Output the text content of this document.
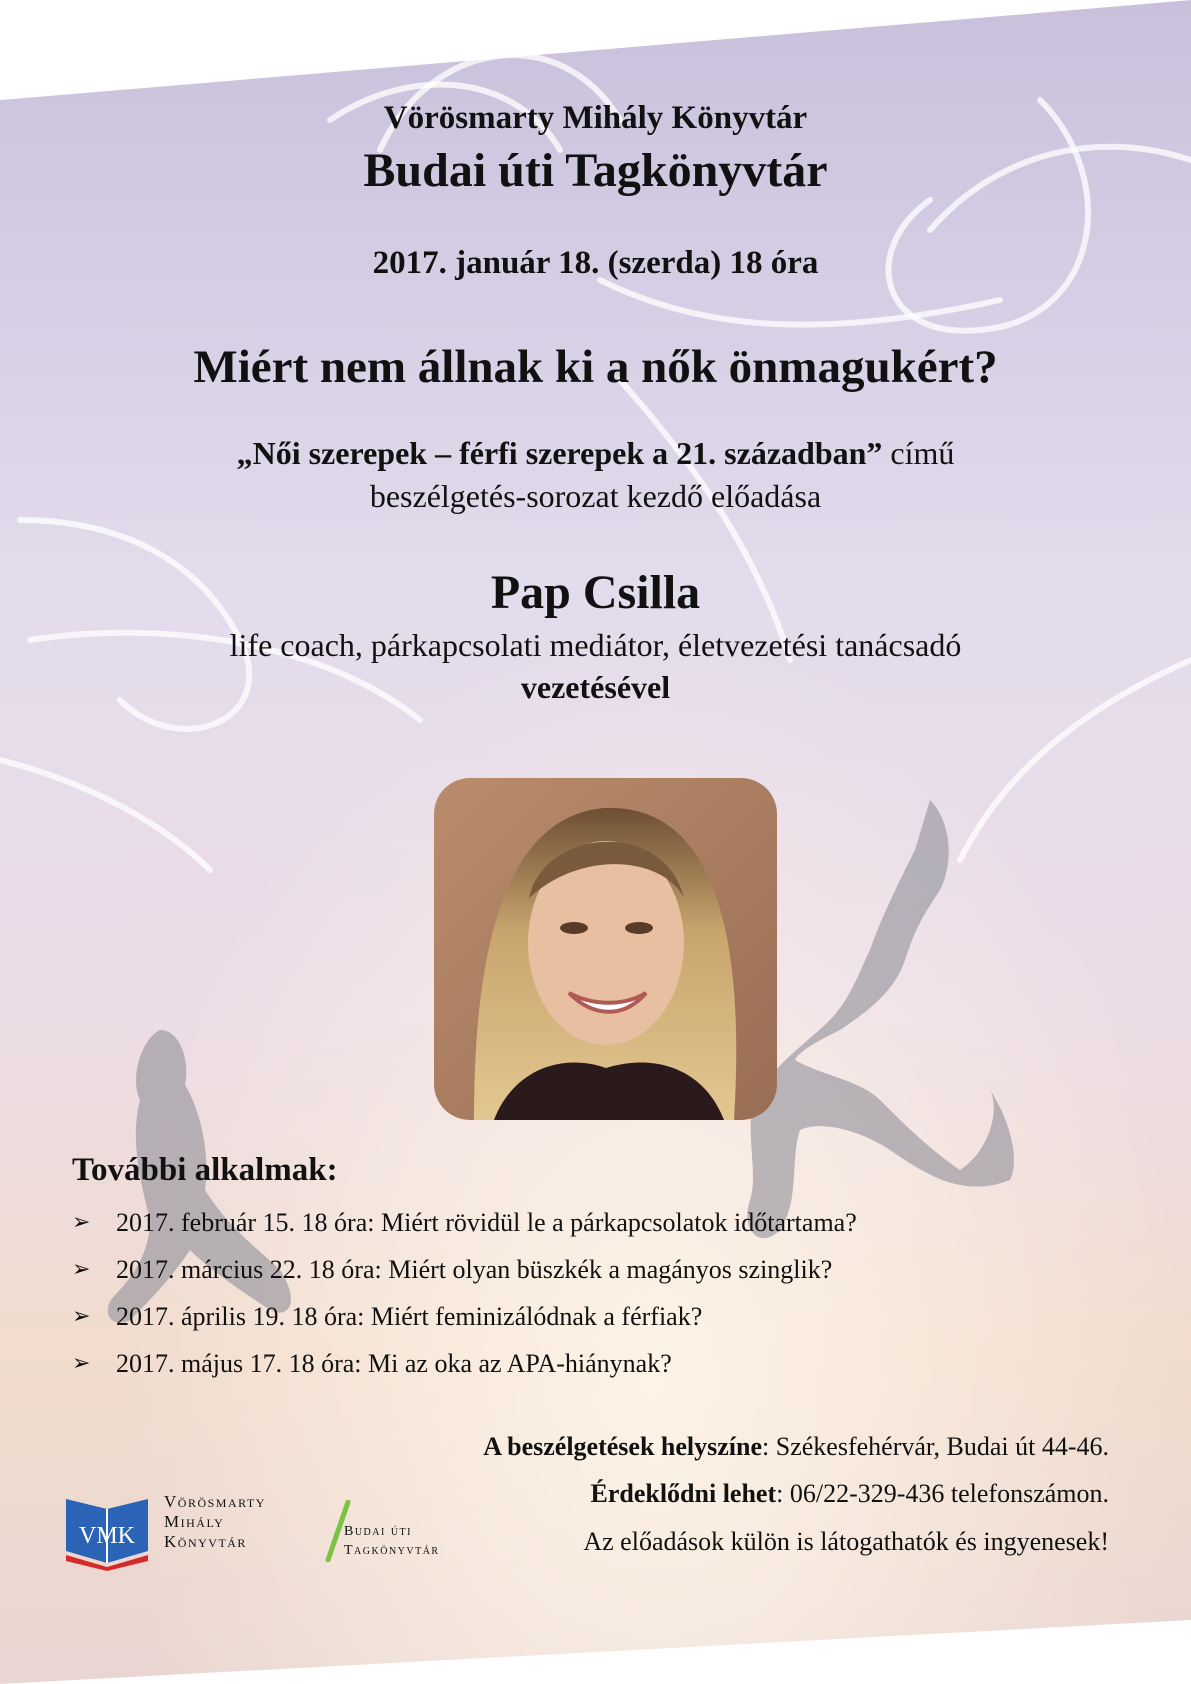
Vörösmarty Mihály Könyvtár
Budai úti Tagkönyvtár
2017. január 18. (szerda) 18 óra
Miért nem állnak ki a nők önmagukért?
„Női szerepek – férfi szerepek a 21. században” című
beszélgetés-sorozat kezdő előadása
Pap Csilla
life coach, párkapcsolati mediátor, életvezetési tanácsadó
vezetésével
További alkalmak:
➢ 2017. február 15. 18 óra: Miért rövidül le a párkapcsolatok időtartama?
➢ 2017. március 22. 18 óra: Miért olyan büszkék a magányos szinglik?
➢ 2017. április 19. 18 óra: Miért feminizálódnak a férfiak?
➢ 2017. május 17. 18 óra: Mi az oka az APA-hiánynak?
A beszélgetések helyszíne: Székesfehérvár, Budai út 44-46.
Érdeklődni lehet: 06/22-329-436 telefonszámon.
Az előadások külön is látogathatók és ingyenesek!
VMK
Vörösmarty
Mihály
Könyvtár
Budai úti
Tagkönyvtár
